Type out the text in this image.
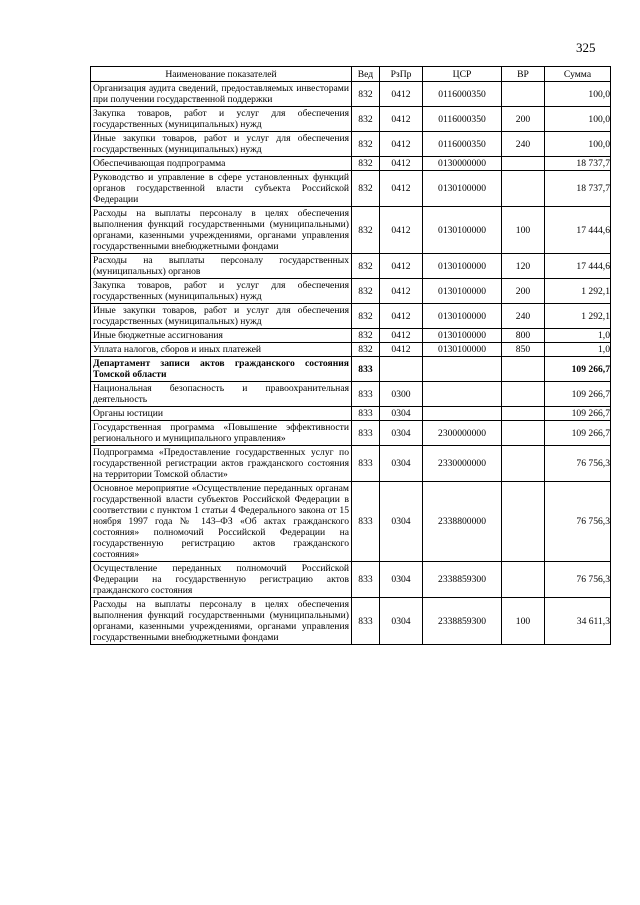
325
Наименование показателей	Вед	РзПр	ЦСР	ВР	Сумма
Организация аудита сведений, предоставляемых инвесторами при получении государственной поддержки	832	0412	0116000350		100,0
Закупка товаров, работ и услуг для обеспечения государственных (муниципальных) нужд	832	0412	0116000350	200	100,0
Иные закупки товаров, работ и услуг для обеспечения государственных (муниципальных) нужд	832	0412	0116000350	240	100,0
Обеспечивающая подпрограмма	832	0412	0130000000		18 737,7
Руководство и управление в сфере установленных функций органов государственной власти субъекта Российской Федерации	832	0412	0130100000		18 737,7
Расходы на выплаты персоналу в целях обеспечения выполнения функций государственными (муниципальными) органами, казенными учреждениями, органами управления государственными внебюджетными фондами	832	0412	0130100000	100	17 444,6
Расходы на выплаты персоналу государственных (муниципальных) органов	832	0412	0130100000	120	17 444,6
Закупка товаров, работ и услуг для обеспечения государственных (муниципальных) нужд	832	0412	0130100000	200	1 292,1
Иные закупки товаров, работ и услуг для обеспечения государственных (муниципальных) нужд	832	0412	0130100000	240	1 292,1
Иные бюджетные ассигнования	832	0412	0130100000	800	1,0
Уплата налогов, сборов и иных платежей	832	0412	0130100000	850	1,0
Департамент записи актов гражданского состояния Томской области	833				109 266,7
Национальная безопасность и правоохранительная деятельность	833	0300			109 266,7
Органы юстиции	833	0304			109 266,7
Государственная программа «Повышение эффективности регионального и муниципального управления»	833	0304	2300000000		109 266,7
Подпрограмма «Предоставление государственных услуг по государственной регистрации актов гражданского состояния на территории Томской области»	833	0304	2330000000		76 756,3
Основное мероприятие «Осуществление переданных органам государственной власти субъектов Российской Федерации в соответствии с пунктом 1 статьи 4 Федерального закона от 15 ноября 1997 года № 143–ФЗ «Об актах гражданского состояния» полномочий Российской Федерации на государственную регистрацию актов гражданского состояния»	833	0304	2338800000		76 756,3
Осуществление переданных полномочий Российской Федерации на государственную регистрацию актов гражданского состояния	833	0304	2338859300		76 756,3
Расходы на выплаты персоналу в целях обеспечения выполнения функций государственными (муниципальными) органами, казенными учреждениями, органами управления государственными внебюджетными фондами	833	0304	2338859300	100	34 611,3
